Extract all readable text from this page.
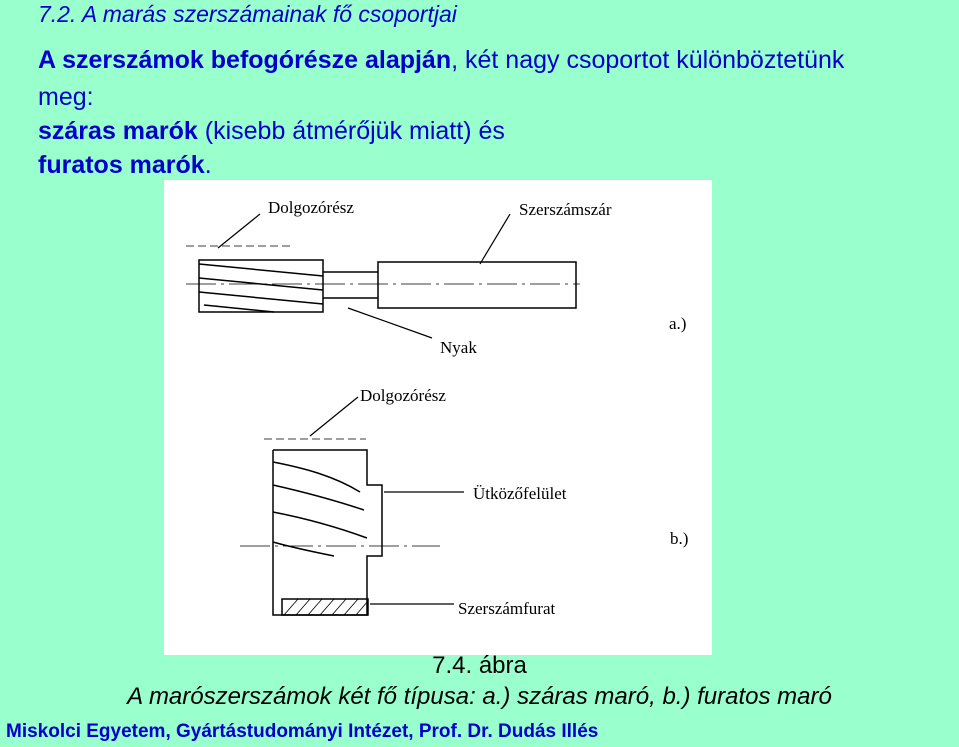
7.2. A marás szerszámainak fő csoportjai
A szerszámok befogórésze alapján, két nagy csoportot különböztetünk
meg:
száras marók (kisebb átmérőjük miatt) és
furatos marók.
Dolgozórész	Szerszámszár
Nyak
a.)
Dolgozórész
Ütközőfelület
b.)
Szerszámfurat
7.4. ábra
A marószerszámok két fő típusa: a.) száras maró, b.) furatos maró
Miskolci Egyetem, Gyártástudományi Intézet, Prof. Dr. Dudás Illés
